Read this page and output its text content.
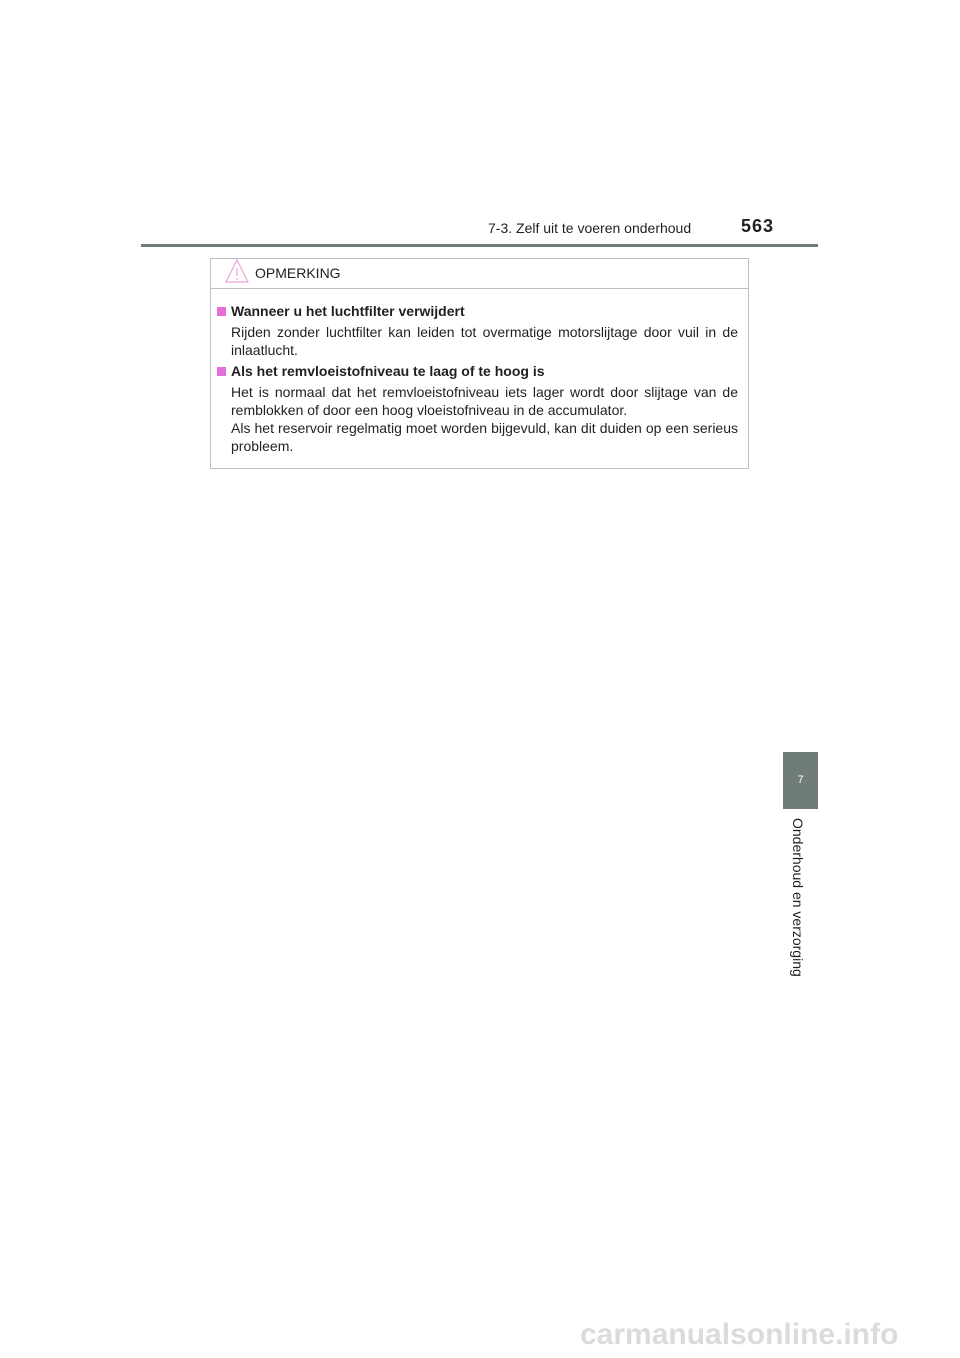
7-3. Zelf uit te voeren onderhoud	563
OPMERKING
Wanneer u het luchtfilter verwijdert
Rijden zonder luchtfilter kan leiden tot overmatige motorslijtage door vuil in de inlaatlucht.
Als het remvloeistofniveau te laag of te hoog is
Het is normaal dat het remvloeistofniveau iets lager wordt door slijtage van de remblokken of door een hoog vloeistofniveau in de accumulator.
Als het reservoir regelmatig moet worden bijgevuld, kan dit duiden op een serieus probleem.
7
Onderhoud en verzorging
carmanualsonline.info
